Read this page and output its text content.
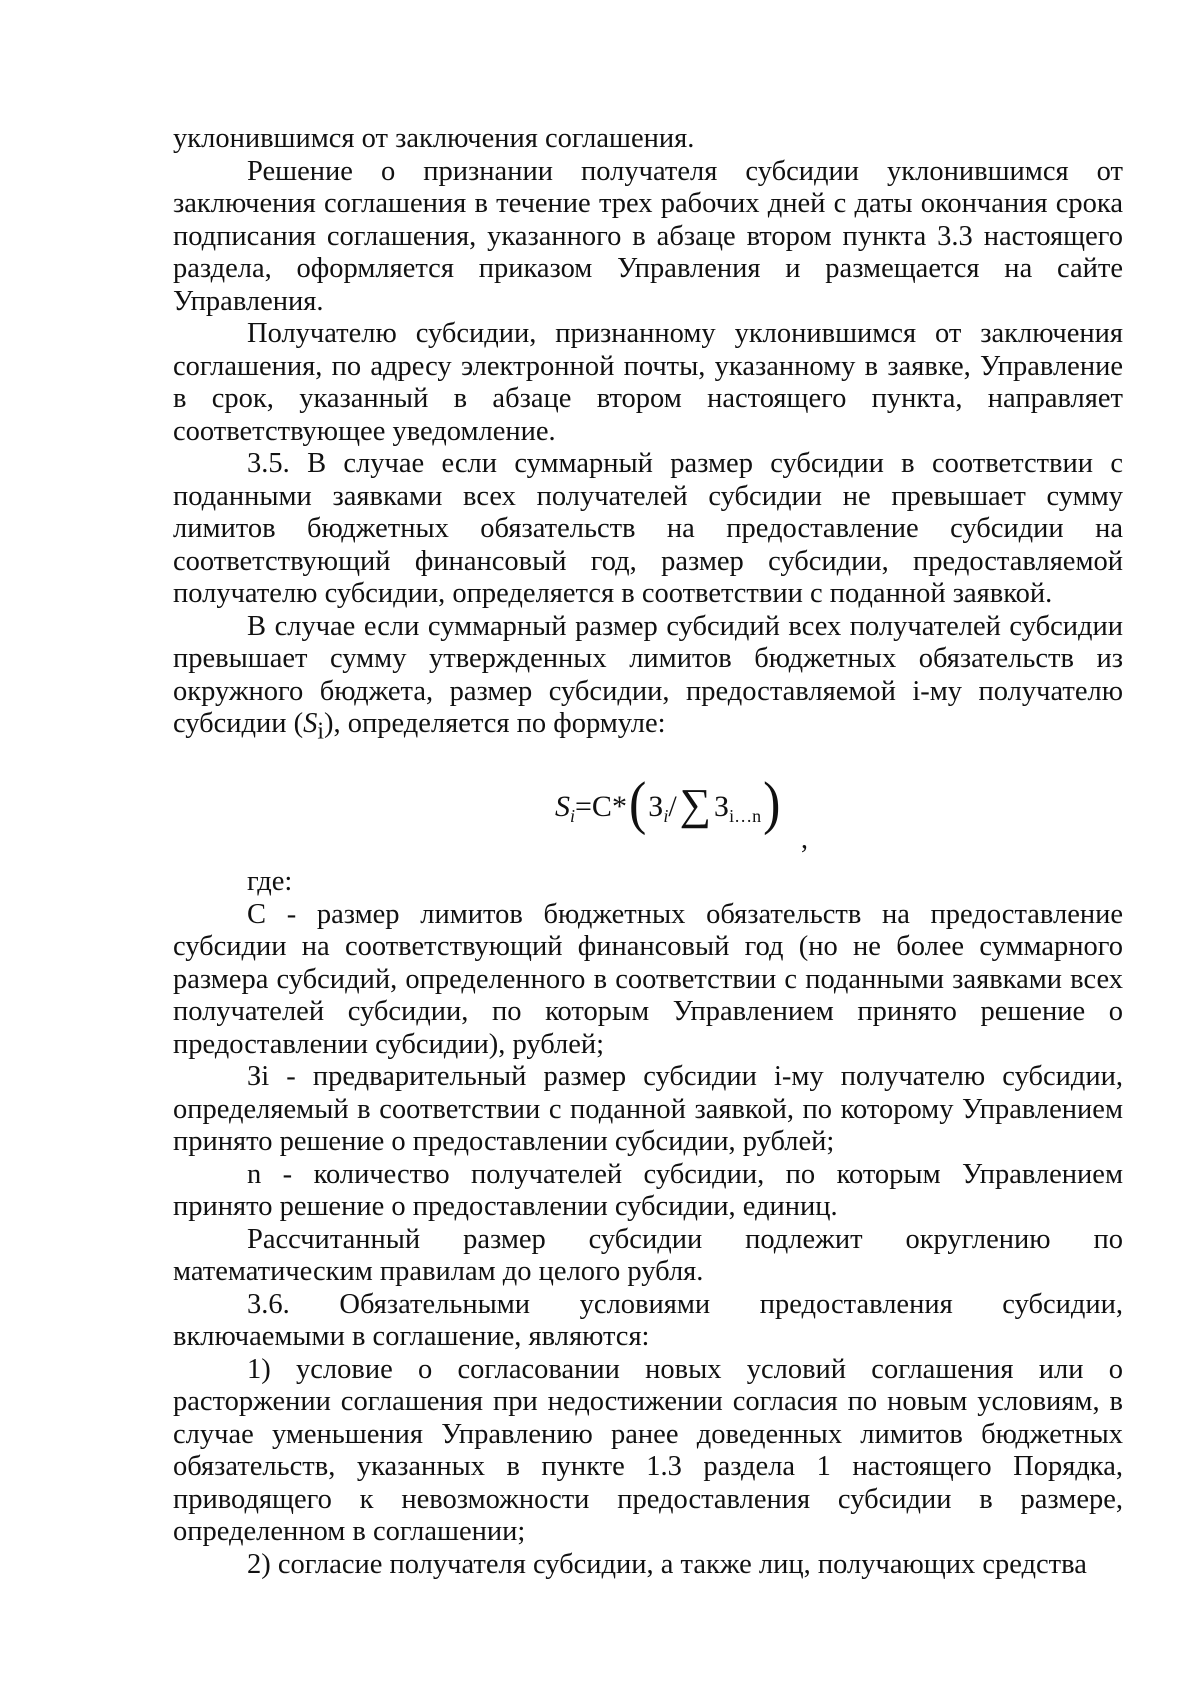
уклонившимся от заключения соглашения.

Решение о признании получателя субсидии уклонившимся от заключения соглашения в течение трех рабочих дней с даты окончания срока подписания соглашения, указанного в абзаце втором пункта 3.3 настоящего раздела, оформляется приказом Управления и размещается на сайте Управления.

Получателю субсидии, признанному уклонившимся от заключения соглашения, по адресу электронной почты, указанному в заявке, Управление в срок, указанный в абзаце втором настоящего пункта, направляет соответствующее уведомление.

3.5. В случае если суммарный размер субсидии в соответствии с поданными заявками всех получателей субсидии не превышает сумму лимитов бюджетных обязательств на предоставление субсидии на соответствующий финансовый год, размер субсидии, предоставляемой получателю субсидии, определяется в соответствии с поданной заявкой.

В случае если суммарный размер субсидий всех получателей субсидии превышает сумму утвержденных лимитов бюджетных обязательств из окружного бюджета, размер субсидии, предоставляемой i-му получателю субсидии $(S_i)$, определяется по формуле:

$S_i=С*(З_i/\sum$ $З_{i\dots n}$)
,

где:

С - размер лимитов бюджетных обязательств на предоставление субсидии на соответствующий финансовый год (но не более суммарного размера субсидий, определенного в соответствии с поданными заявками всех получателей субсидии, по которым Управлением принято решение о предоставлении субсидии), рублей;

Зi - предварительный размер субсидии i-му получателю субсидии, определяемый в соответствии с поданной заявкой, по которому Управлением принято решение о предоставлении субсидии, рублей;

n - количество получателей субсидии, по которым Управлением принято решение о предоставлении субсидии, единиц.

Рассчитанный размер субсидии подлежит округлению по математическим правилам до целого рубля.

3.6. Обязательными условиями предоставления субсидии, включаемыми в соглашение, являются:

1) условие о согласовании новых условий соглашения или о расторжении соглашения при недостижении согласия по новым условиям, в случае уменьшения Управлению ранее доведенных лимитов бюджетных обязательств, указанных в пункте 1.3 раздела 1 настоящего Порядка, приводящего к невозможности предоставления субсидии в размере, определенном в соглашении;

2) согласие получателя субсидии, а также лиц, получающих средства
